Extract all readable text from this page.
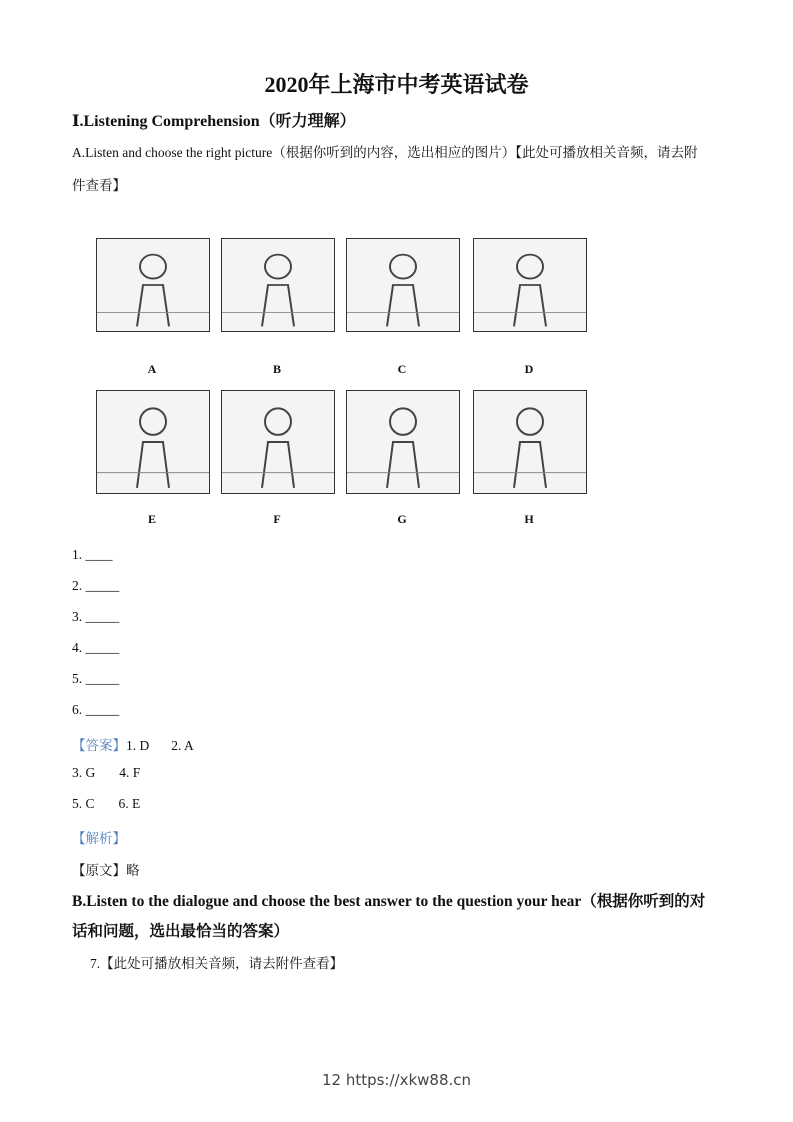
2020年上海市中考英语试卷
Ⅰ.Listening Comprehension（听力理解）
A.Listen and choose the right picture（根据你听到的内容，选出相应的图片）【此处可播放相关音频，请去附
件查看】
A	B	C	D
E	F	G	H
1. ____
2. _____
3. _____
4. _____
5. _____
6. _____
【答案】1. D 2. A
3. G 4. F
5. C 6. E
【解析】
【原文】略
B.Listen to the dialogue and choose the best answer to the question your hear（根据你听到的对
话和问题，选出最恰当的答案）
7.【此处可播放相关音频，请去附件查看】
12 https://xkw88.cn
